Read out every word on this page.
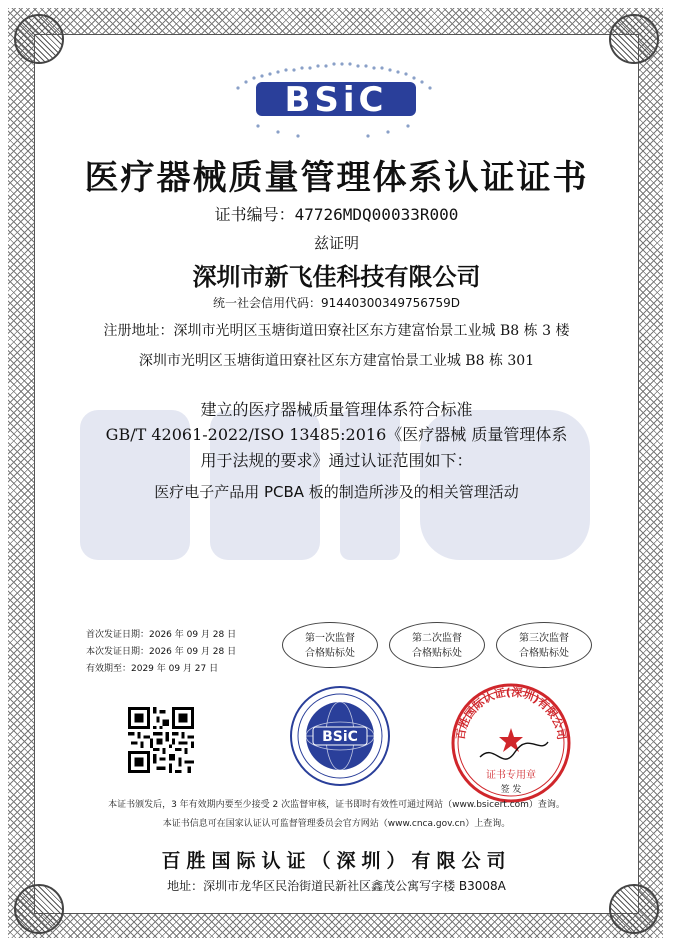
BSiC
医疗器械质量管理体系认证证书
证书编号：47726MDQ00033R000
兹证明
深圳市新飞佳科技有限公司
统一社会信用代码：91440300349756759D
注册地址：深圳市光明区玉塘街道田寮社区东方建富怡景工业城 B8 栋 3 楼
深圳市光明区玉塘街道田寮社区东方建富怡景工业城 B8 栋 301
建立的医疗器械质量管理体系符合标准
GB/T 42061-2022/ISO 13485:2016《医疗器械 质量管理体系
用于法规的要求》通过认证范围如下：
医疗电子产品用 PCBA 板的制造所涉及的相关管理活动
首次发证日期：2026 年 09 月 28 日
本次发证日期：2026 年 09 月 28 日
有效期至：2029 年 09 月 27 日
第一次监督
合格贴标处
第二次监督
合格贴标处
第三次监督
合格贴标处
BSiC	百胜国际认证(深圳)有限公司
证书专用章
签 发
本证书颁发后，3 年有效期内要至少接受 2 次监督审核，证书即时有效性可通过网站（www.bsicert.com）查询。
本证书信息可在国家认证认可监督管理委员会官方网站（www.cnca.gov.cn）上查询。
百胜国际认证（深圳）有限公司
地址：深圳市龙华区民治街道民新社区鑫茂公寓写字楼 B3008A
